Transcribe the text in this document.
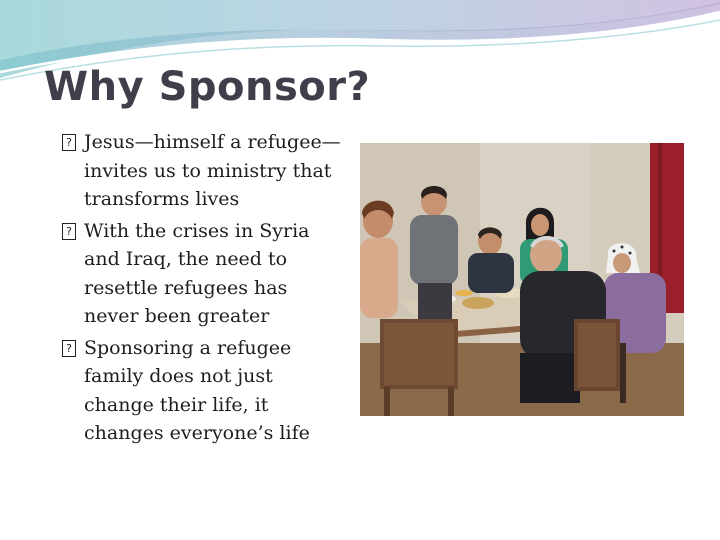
Why Sponsor?

? Jesus—himself a refugee—invites us to ministry that transforms lives

? With the crises in Syria and Iraq, the need to resettle refugees has never been greater

? Sponsoring a refugee family does not just change their life, it changes everyone’s life
